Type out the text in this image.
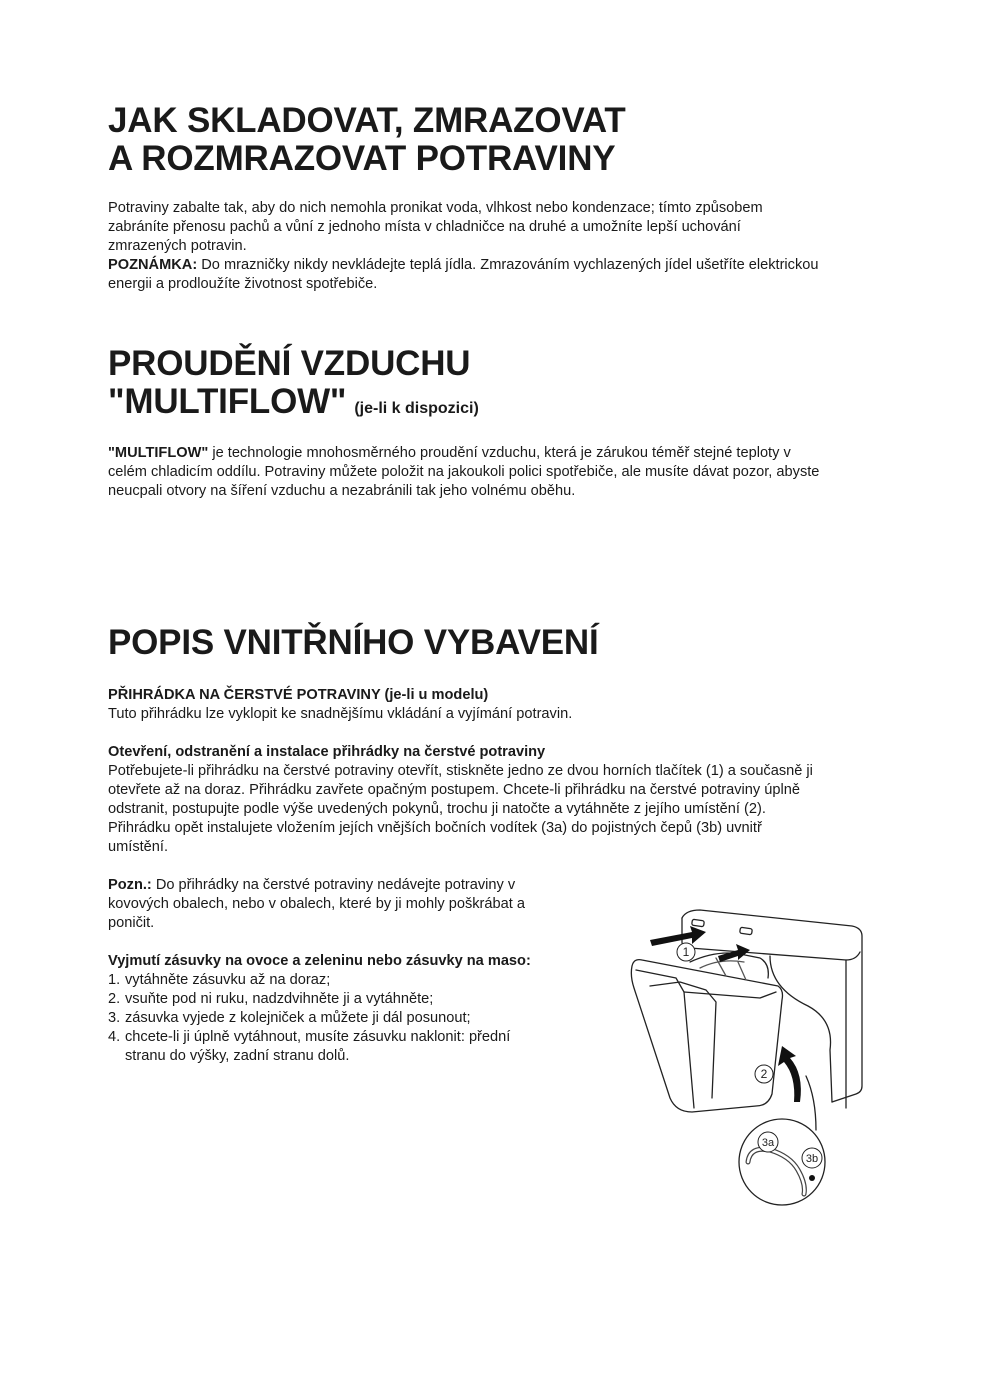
JAK SKLADOVAT, ZMRAZOVAT
A ROZMRAZOVAT POTRAVINY

Potraviny zabalte tak, aby do nich nemohla pronikat voda, vlhkost nebo kondenzace; tímto způsobem

zabráníte přenosu pachů a vůní z jednoho místa v chladničce na druhé a umožníte lepší uchování

zmrazených potravin.

POZNÁMKA: Do mrazničky nikdy nevkládejte teplá jídla. Zmrazováním vychlazených jídel ušetříte elektrickou

energii a prodloužíte životnost spotřebiče.

PROUDĚNÍ VZDUCHU
"MULTIFLOW" (je-li k dispozici)

"MULTIFLOW" je technologie mnohosměrného proudění vzduchu, která je zárukou téměř stejné teploty v

celém chladicím oddílu. Potraviny můžete položit na jakoukoli polici spotřebiče, ale musíte dávat pozor, abyste

neucpali otvory na šíření vzduchu a nezabránili tak jeho volnému oběhu.

POPIS VNITŘNÍHO VYBAVENÍ

PŘIHRÁDKA NA ČERSTVÉ POTRAVINY (je-li u modelu)

Tuto přihrádku lze vyklopit ke snadnějšímu vkládání a vyjímání potravin.

Otevření, odstranění a instalace přihrádky na čerstvé potraviny

Potřebujete-li přihrádku na čerstvé potraviny otevřít, stiskněte jedno ze dvou horních tlačítek (1) a současně ji

otevřete až na doraz. Přihrádku zavřete opačným postupem. Chcete-li přihrádku na čerstvé potraviny úplně

odstranit, postupujte podle výše uvedených pokynů, trochu ji natočte a vytáhněte z jejího umístění (2).

Přihrádku opět instalujete vložením jejích vnějších bočních vodítek (3a) do pojistných čepů (3b) uvnitř

umístění.

Pozn.: Do přihrádky na čerstvé potraviny nedávejte potraviny v

kovových obalech, nebo v obalech, které by ji mohly poškrábat a

poničit.

Vyjmutí zásuvky na ovoce a zeleninu nebo zásuvky na maso:

1. vytáhněte zásuvku až na doraz;
2. vsuňte pod ni ruku, nadzdvihněte ji a vytáhněte;
3. zásuvka vyjede z kolejniček a můžete ji dál posunout;
4. chcete-li ji úplně vytáhnout, musíte zásuvku naklonit: přední
stranu do výšky, zadní stranu dolů.
1
2
3a
3b
